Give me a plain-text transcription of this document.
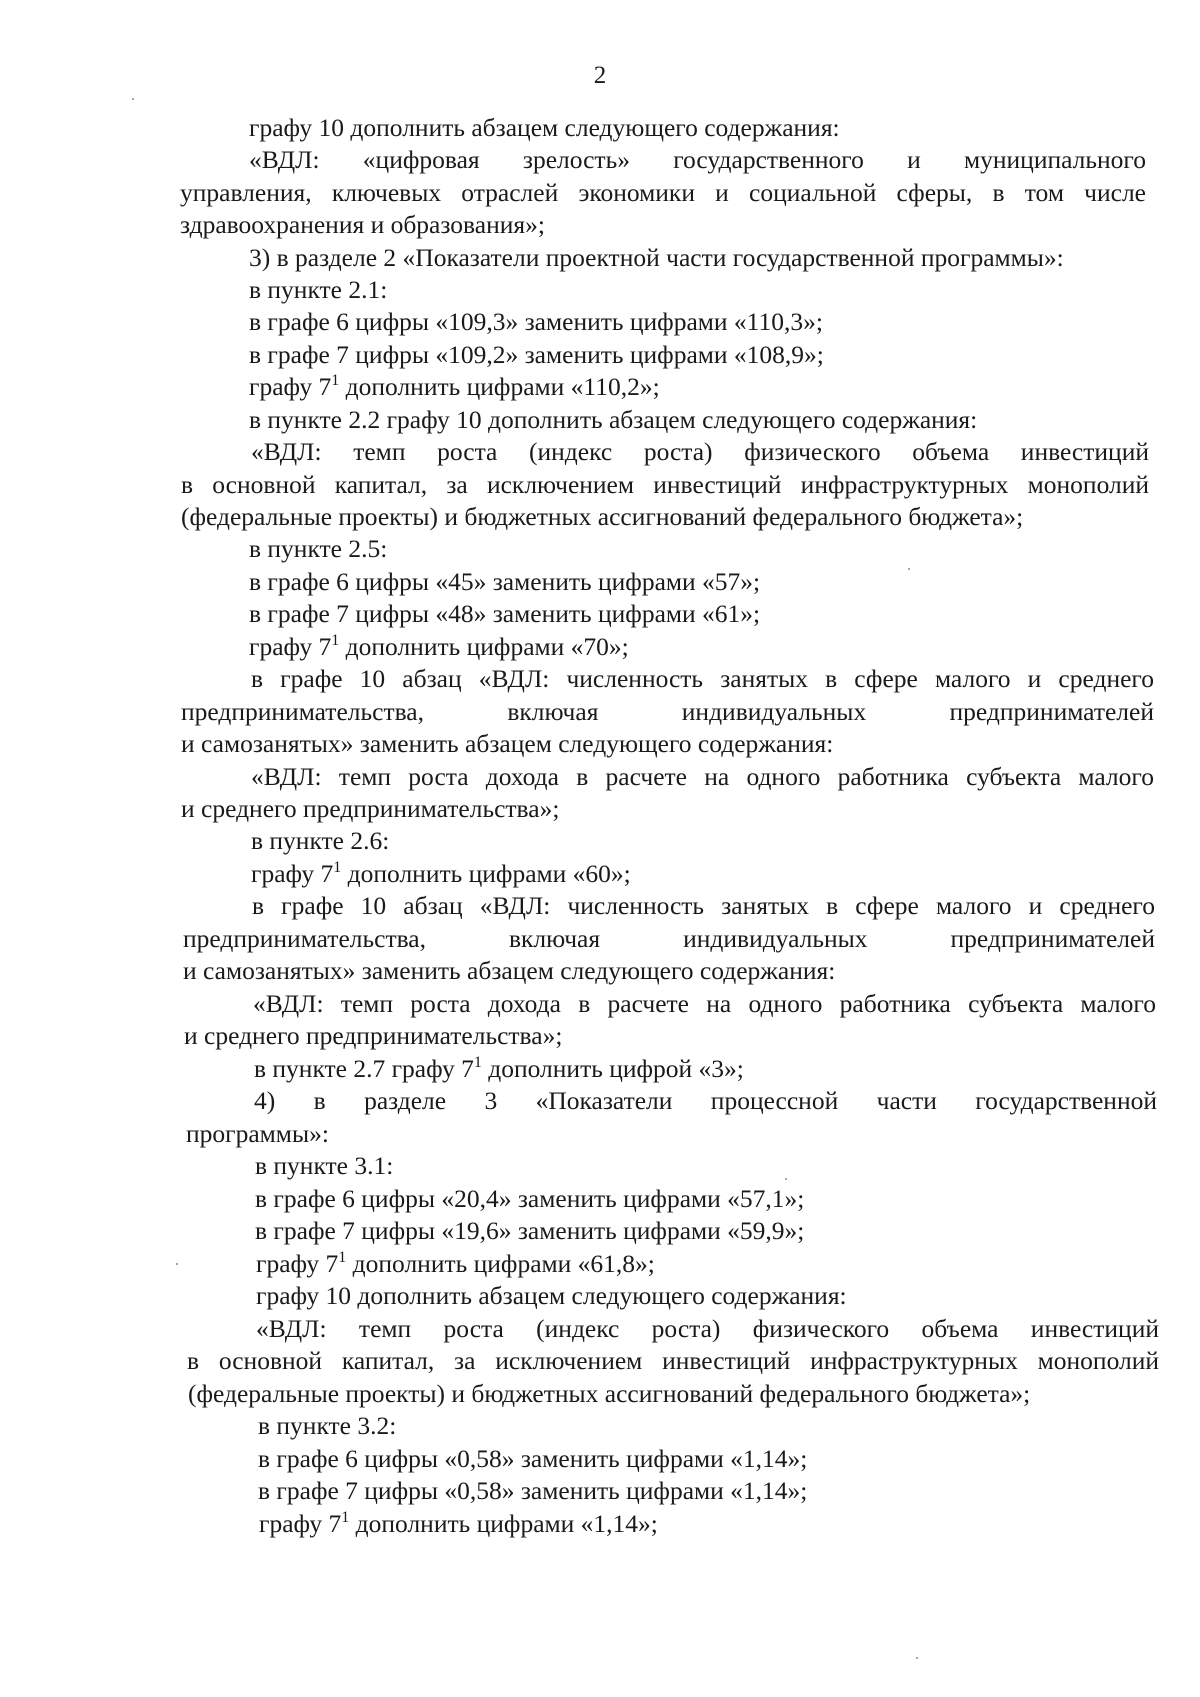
2
графу 10 дополнить абзацем следующего содержания:
«ВДЛ: «цифровая зрелость» государственного и муниципального
управления, ключевых отраслей экономики и социальной сферы, в том числе
здравоохранения и образования»;
3) в разделе 2 «Показатели проектной части государственной программы»:
в пункте 2.1:
в графе 6 цифры «109,3» заменить цифрами «110,3»;
в графе 7 цифры «109,2» заменить цифрами «108,9»;
графу $7^1$ дополнить цифрами «110,2»;
в пункте 2.2 графу 10 дополнить абзацем следующего содержания:
«ВДЛ: темп роста (индекс роста) физического объема инвестиций
в основной капитал, за исключением инвестиций инфраструктурных монополий
(федеральные проекты) и бюджетных ассигнований федерального бюджета»;
в пункте 2.5:
в графе 6 цифры «45» заменить цифрами «57»;
в графе 7 цифры «48» заменить цифрами «61»;
графу $7^1$ дополнить цифрами «70»;
в графе 10 абзац «ВДЛ: численность занятых в сфере малого и среднего
предпринимательства, включая индивидуальных предпринимателей
и самозанятых» заменить абзацем следующего содержания:
«ВДЛ: темп роста дохода в расчете на одного работника субъекта малого
и среднего предпринимательства»;
в пункте 2.6:
графу $7^1$ дополнить цифрами «60»;
в графе 10 абзац «ВДЛ: численность занятых в сфере малого и среднего
предпринимательства, включая индивидуальных предпринимателей
и самозанятых» заменить абзацем следующего содержания:
«ВДЛ: темп роста дохода в расчете на одного работника субъекта малого
и среднего предпринимательства»;
в пункте 2.7 графу $7^1$ дополнить цифрой «3»;
4) в разделе 3 «Показатели процессной части государственной
программы»:
в пункте 3.1:
в графе 6 цифры «20,4» заменить цифрами «57,1»;
в графе 7 цифры «19,6» заменить цифрами «59,9»;
графу $7^1$ дополнить цифрами «61,8»;
графу 10 дополнить абзацем следующего содержания:
«ВДЛ: темп роста (индекс роста) физического объема инвестиций
в основной капитал, за исключением инвестиций инфраструктурных монополий
(федеральные проекты) и бюджетных ассигнований федерального бюджета»;
в пункте 3.2:
в графе 6 цифры «0,58» заменить цифрами «1,14»;
в графе 7 цифры «0,58» заменить цифрами «1,14»;
графу $7^1$ дополнить цифрами «1,14»;
